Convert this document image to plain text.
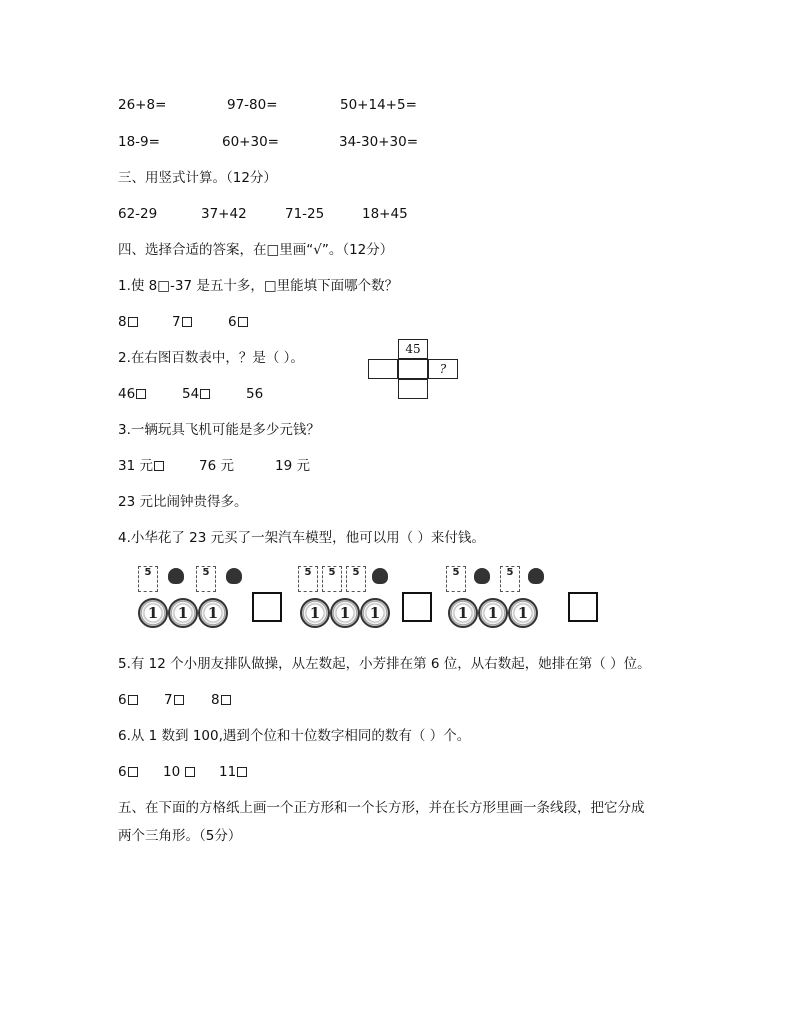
26+8=	97-80=	50+14+5=
18-9=	60+30=	34-30+30=
三、用竖式计算。（12分）
62-29	37+42	71-25	18+45
四、选择合适的答案，在□里画“√”。（12分）
1.使 8□-37 是五十多，□里能填下面哪个数？
8	7	6
2.在右图百数表中，？是（ ）。
45
?
46	54	56
3.一辆玩具飞机可能是多少元钱？
31 元	76 元	19 元
23 元比闹钟贵得多。
4.小华花了 23 元买了一架汽车模型，他可以用（ ）来付钱。
5	5
1	1	1
5	5	5
1	1	1
5	5
1	1	1
5.有 12 个小朋友排队做操，从左数起，小芳排在第 6 位，从右数起，她排在第（ ）位。
6	7	8
6.从 1 数到 100,遇到个位和十位数字相同的数有（ ）个。
6	10	11
五、在下面的方格纸上画一个正方形和一个长方形，并在长方形里画一条线段，把它分成
两个三角形。（5分）
